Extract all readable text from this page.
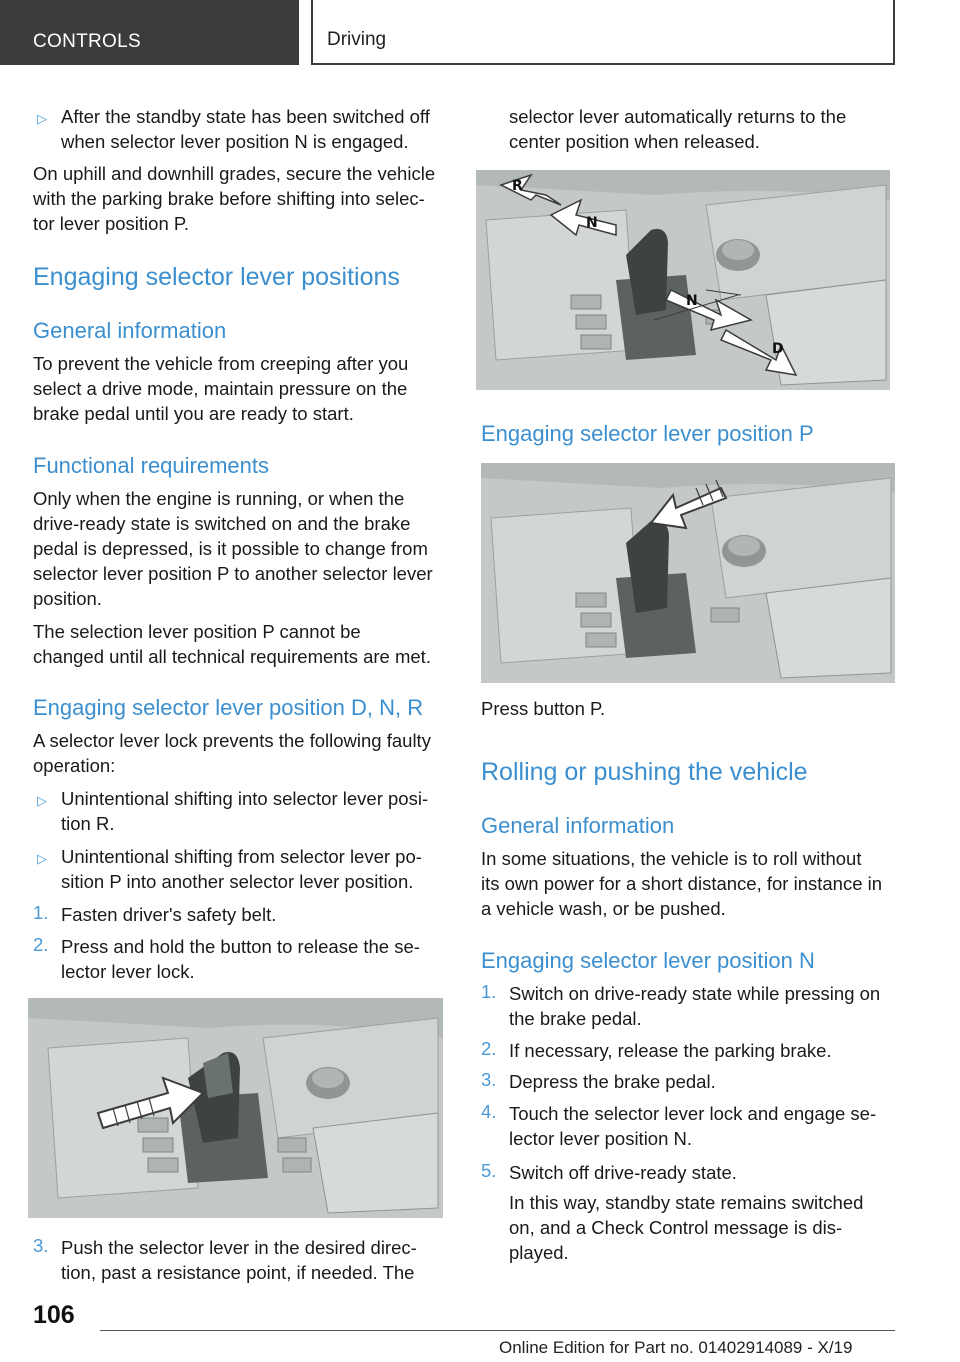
CONTROLS	Driving
▷ After the standby state has been switched off
when selector lever position N is engaged.
On uphill and downhill grades, secure the vehicle
with the parking brake before shifting into selec-
tor lever position P.
Engaging selector lever positions
General information
To prevent the vehicle from creeping after you
select a drive mode, maintain pressure on the
brake pedal until you are ready to start.
Functional requirements
Only when the engine is running, or when the
drive-ready state is switched on and the brake
pedal is depressed, is it possible to change from
selector lever position P to another selector lever
position.
The selection lever position P cannot be
changed until all technical requirements are met.
Engaging selector lever position D, N, R
A selector lever lock prevents the following faulty
operation:
▷ Unintentional shifting into selector lever posi-
tion R.
▷ Unintentional shifting from selector lever po-
sition P into another selector lever position.
1. Fasten driver's safety belt.
2. Press and hold the button to release the se-
lector lever lock.
3. Push the selector lever in the desired direc-
tion, past a resistance point, if needed. The
selector lever automatically returns to the
center position when released.
R
N
N
D
Engaging selector lever position P
Press button P.
Rolling or pushing the vehicle
General information
In some situations, the vehicle is to roll without
its own power for a short distance, for instance in
a vehicle wash, or be pushed.
Engaging selector lever position N
1. Switch on drive-ready state while pressing on
the brake pedal.
2. If necessary, release the parking brake.
3. Depress the brake pedal.
4. Touch the selector lever lock and engage se-
lector lever position N.
5. Switch off drive-ready state.
In this way, standby state remains switched
on, and a Check Control message is dis-
played.
106
Online Edition for Part no. 01402914089 - X/19
